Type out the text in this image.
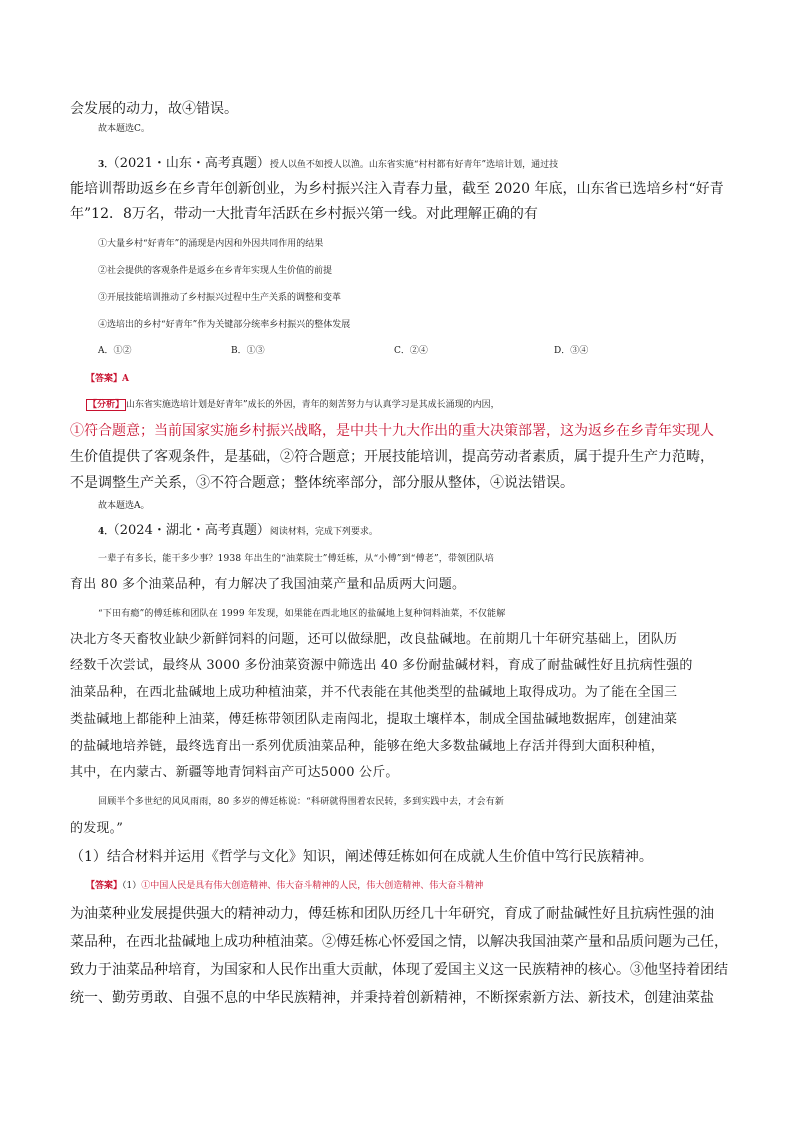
会发展的动力，故④错误。
故本题选C。
3．（2021・山东・高考真题）授人以鱼不如授人以渔。山东省实施“村村都有好青年”选培计划，通过技
能培训帮助返乡在乡青年创新创业，为乡村振兴注入青春力量，截至 2020 年底，山东省已选培乡村“好青
年”12．8万名，带动一大批青年活跃在乡村振兴第一线。对此理解正确的有
①大量乡村“好青年”的涌现是内因和外因共同作用的结果
②社会提供的客观条件是返乡在乡青年实现人生价值的前提
③开展技能培训推动了乡村振兴过程中生产关系的调整和变革
④选培出的乡村“好青年”作为关键部分统率乡村振兴的整体发展
A．①②	B．①③	C．②④	D．③④
【答案】A
【分析】 山东省实施选培计划是好青年”成长的外因，青年的刻苦努力与认真学习是其成长涌现的内因，
①符合题意；当前国家实施乡村振兴战略，是中共十九大作出的重大决策部署，这为返乡在乡青年实现人
生价值提供了客观条件，是基础，②符合题意；开展技能培训，提高劳动者素质，属于提升生产力范畴，
不是调整生产关系，③不符合题意；整体统率部分，部分服从整体，④说法错误。
故本题选A。
4．（2024・湖北・高考真题）阅读材料，完成下列要求。
一辈子有多长，能干多少事？1938 年出生的“油菜院士”傅廷栋，从“小傅”到“傅老”，带领团队培
育出 80 多个油菜品种，有力解决了我国油菜产量和品质两大问题。
“下田有瘾”的傅廷栋和团队在 1999 年发现，如果能在西北地区的盐碱地上复种饲料油菜，不仅能解
决北方冬天畜牧业缺少新鲜饲料的问题，还可以做绿肥，改良盐碱地。在前期几十年研究基础上，团队历
经数千次尝试，最终从 3000 多份油菜资源中筛选出 40 多份耐盐碱材料，育成了耐盐碱性好且抗病性强的
油菜品种，在西北盐碱地上成功种植油菜，并不代表能在其他类型的盐碱地上取得成功。为了能在全国三
类盐碱地上都能种上油菜，傅廷栋带领团队走南闯北，提取土壤样本，制成全国盐碱地数据库，创建油菜
的盐碱地培养链，最终选育出一系列优质油菜品种，能够在绝大多数盐碱地上存活并得到大面积种植，
其中，在内蒙古、新疆等地青饲料亩产可达5000 公斤。
回顾半个多世纪的风风雨雨，80 多岁的傅廷栋说：“科研就得围着农民转，多到实践中去，才会有新
的发现。”
（1）结合材料并运用《哲学与文化》知识，阐述傅廷栋如何在成就人生价值中笃行民族精神。
【答案】（1）①中国人民是具有伟大创造精神、伟大奋斗精神的人民，伟大创造精神、伟大奋斗精神
为油菜种业发展提供强大的精神动力，傅廷栋和团队历经几十年研究，育成了耐盐碱性好且抗病性强的油
菜品种，在西北盐碱地上成功种植油菜。②傅廷栋心怀爱国之情，以解决我国油菜产量和品质问题为己任，
致力于油菜品种培育，为国家和人民作出重大贡献，体现了爱国主义这一民族精神的核心。③他坚持着团结
统一、勤劳勇敢、自强不息的中华民族精神，并秉持着创新精神，不断探索新方法、新技术，创建油菜盐
